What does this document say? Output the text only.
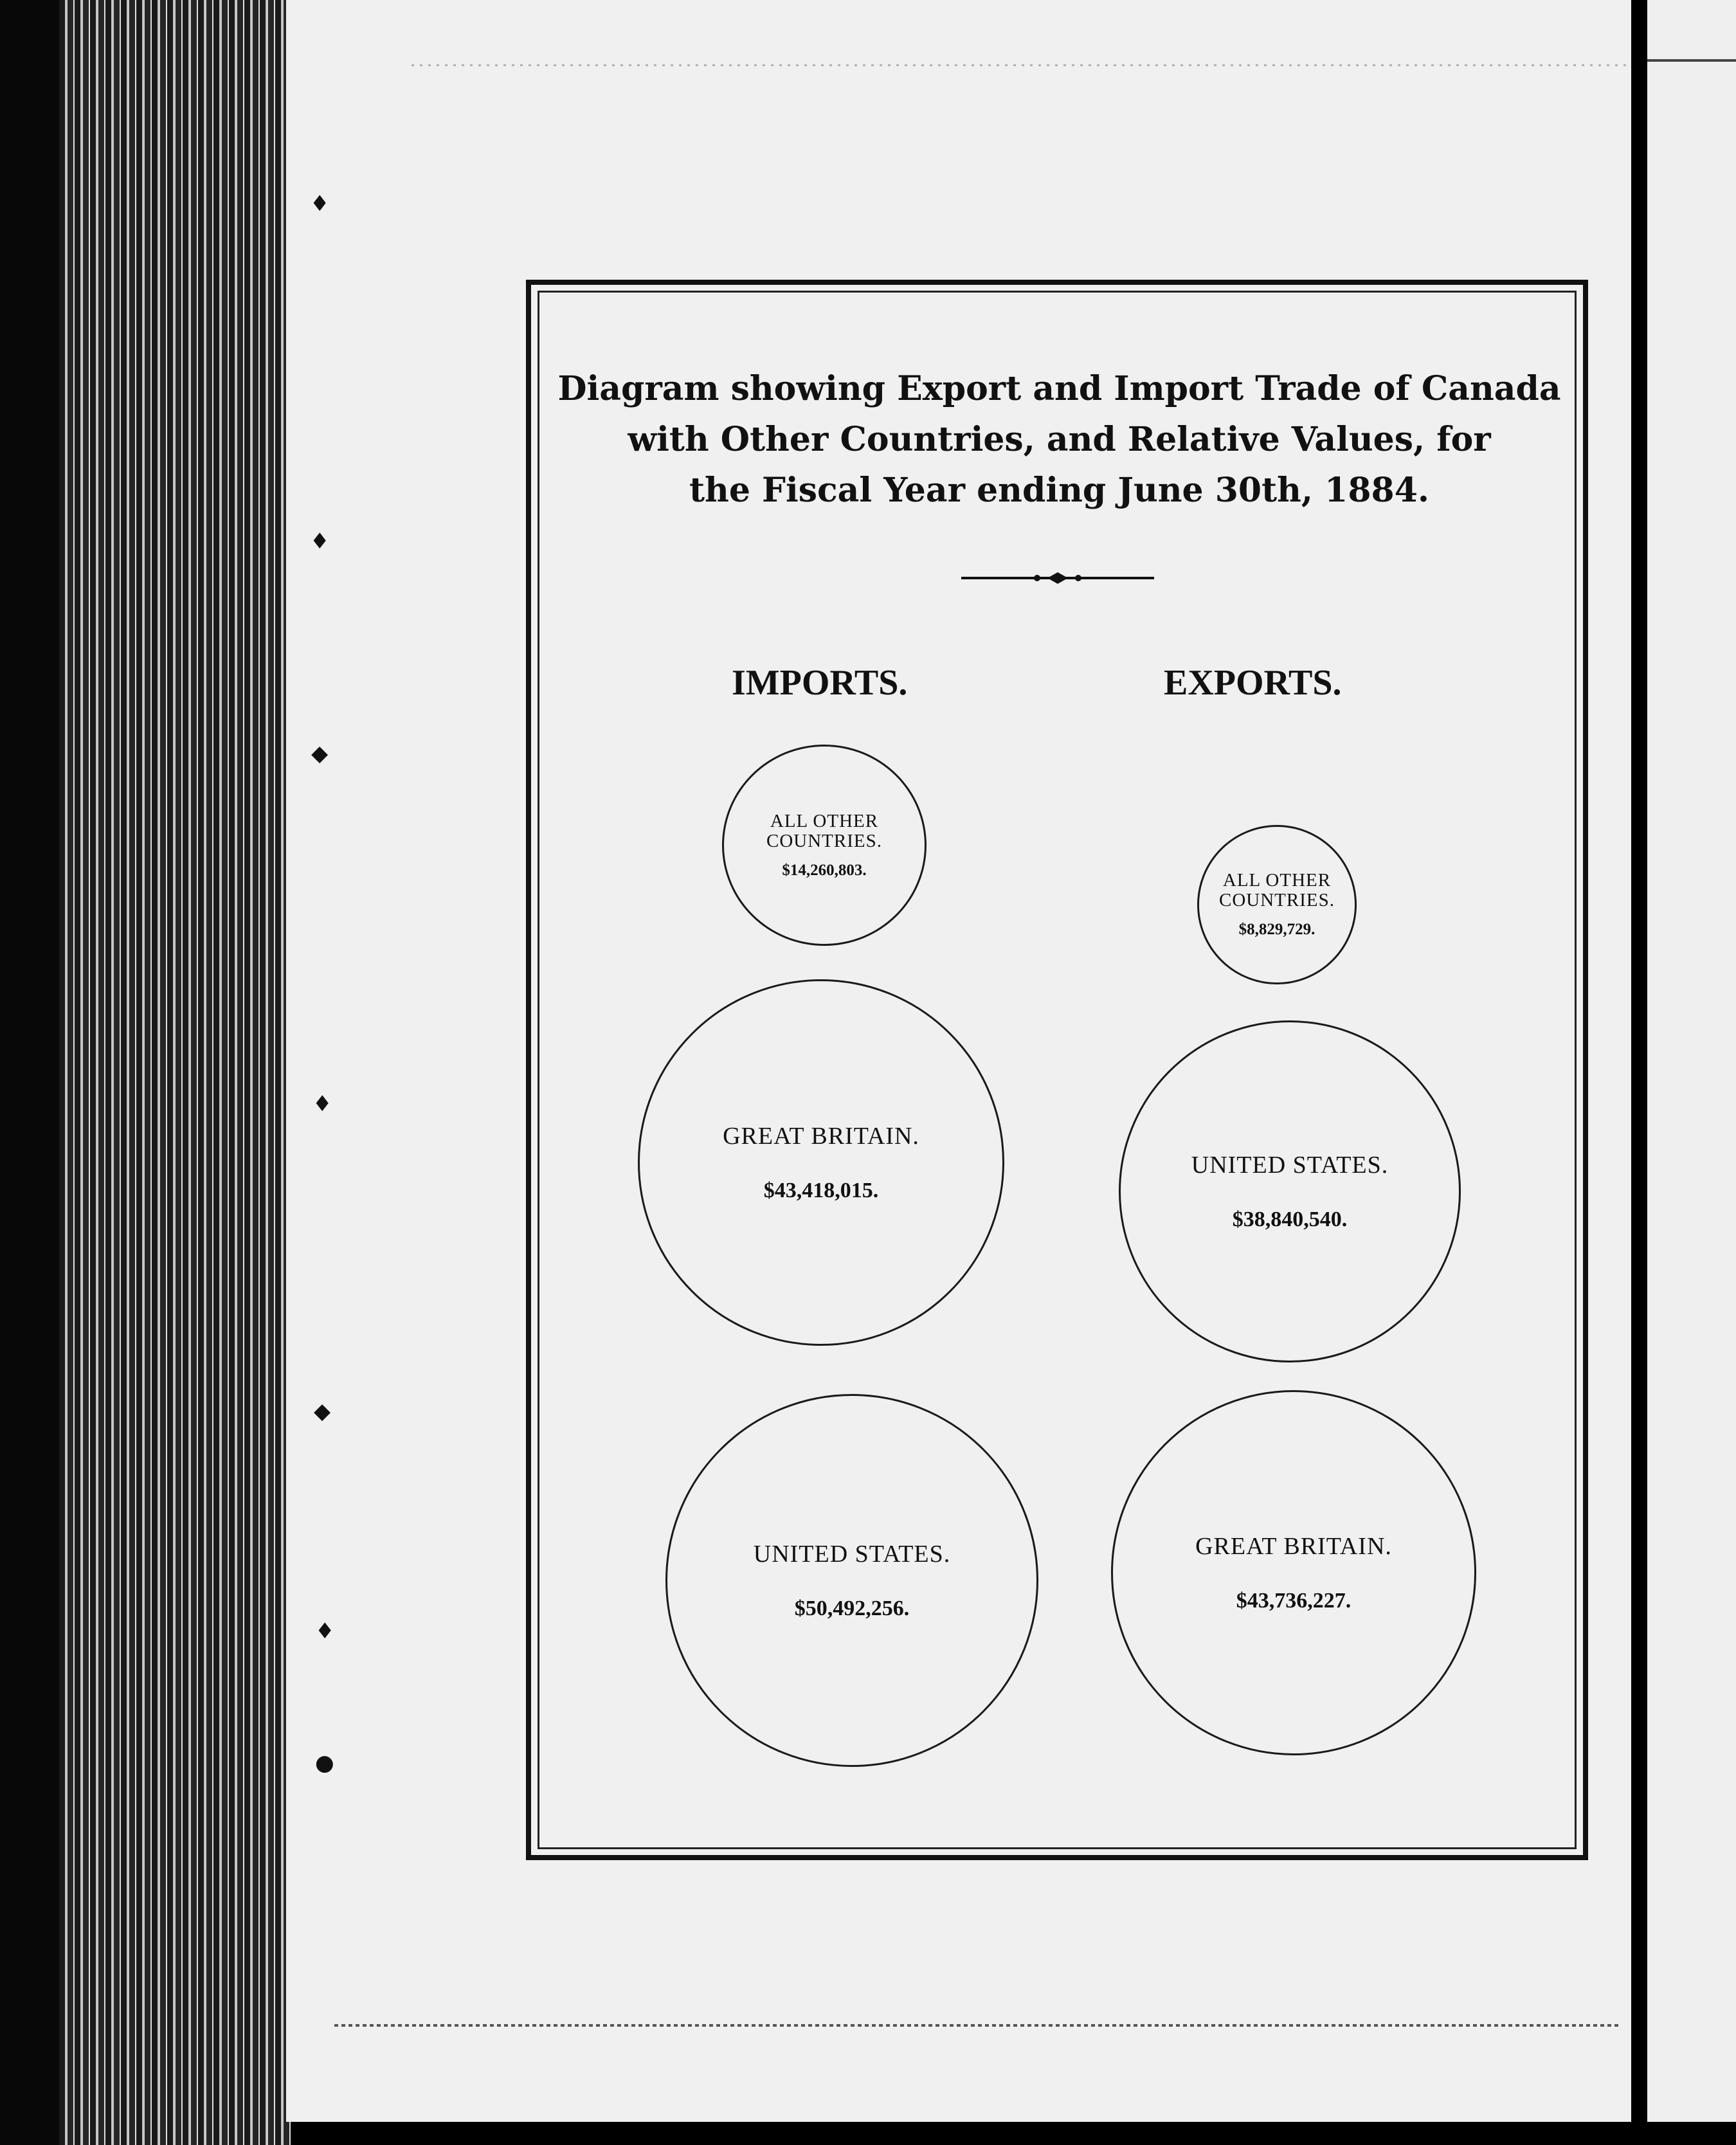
♦
♦
◆
♦
◆
♦
●
Diagram showing Export and Import Trade of Canada
with Other Countries, and Relative Values, for
the Fiscal Year ending June 30th, 1884.
IMPORTS.	EXPORTS.
ALL OTHER
COUNTRIES.
$14,260,803.
GREAT BRITAIN.
$43,418,015.
UNITED STATES.
$50,492,256.
ALL OTHER
COUNTRIES.
$8,829,729.
UNITED STATES.
$38,840,540.
GREAT BRITAIN.
$43,736,227.
